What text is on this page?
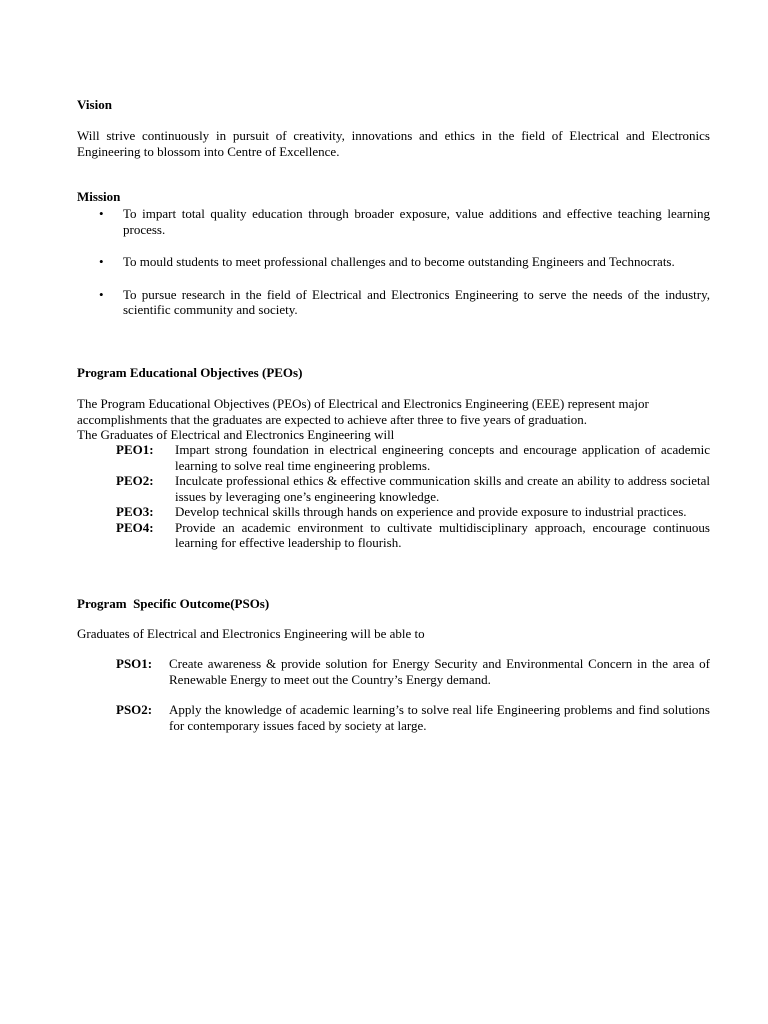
Vision
Will strive continuously in pursuit of creativity, innovations and ethics in the field of Electrical and Electronics Engineering to blossom into Centre of Excellence.
Mission
• To impart total quality education through broader exposure, value additions and effective teaching learning process.
• To mould students to meet professional challenges and to become outstanding Engineers and Technocrats.
• To pursue research in the field of Electrical and Electronics Engineering to serve the needs of the industry, scientific community and society.
Program Educational Objectives (PEOs)
The Program Educational Objectives (PEOs) of Electrical and Electronics Engineering (EEE) represent major accomplishments that the graduates are expected to achieve after three to five years of graduation.
The Graduates of Electrical and Electronics Engineering will
PEO1:	Impart strong foundation in electrical engineering concepts and encourage application of academic learning to solve real time engineering problems.
PEO2:	Inculcate professional ethics & effective communication skills and create an ability to address societal issues by leveraging one’s engineering knowledge.
PEO3:	Develop technical skills through hands on experience and provide exposure to industrial practices.
PEO4:	Provide an academic environment to cultivate multidisciplinary approach, encourage continuous learning for effective leadership to flourish.
Program  Specific Outcome(PSOs)
Graduates of Electrical and Electronics Engineering will be able to
PSO1:	Create awareness & provide solution for Energy Security and Environmental Concern in the area of Renewable Energy to meet out the Country’s Energy demand.
PSO2:	Apply the knowledge of academic learning’s to solve real life Engineering problems and find solutions for contemporary issues faced by society at large.
